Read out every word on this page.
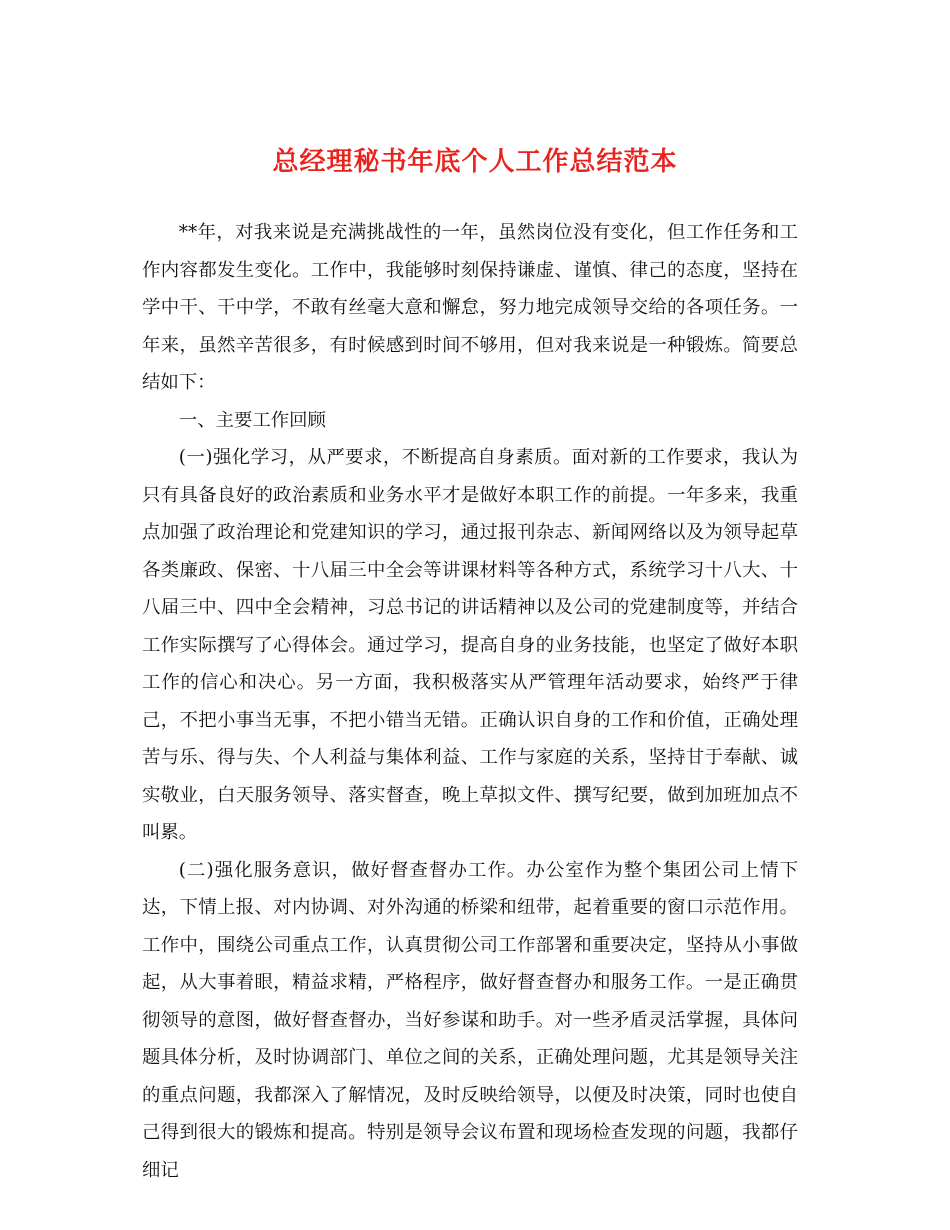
总经理秘书年底个人工作总结范本

**年，对我来说是充满挑战性的一年，虽然岗位没有变化，但工作任务和工作内容都发生变化。工作中，我能够时刻保持谦虚、谨慎、律己的态度，坚持在学中干、干中学，不敢有丝毫大意和懈怠，努力地完成领导交给的各项任务。一年来，虽然辛苦很多，有时候感到时间不够用，但对我来说是一种锻炼。简要总结如下：

一、主要工作回顾

(一)强化学习，从严要求，不断提高自身素质。面对新的工作要求，我认为只有具备良好的政治素质和业务水平才是做好本职工作的前提。一年多来，我重点加强了政治理论和党建知识的学习，通过报刊杂志、新闻网络以及为领导起草各类廉政、保密、十八届三中全会等讲课材料等各种方式，系统学习十八大、十八届三中、四中全会精神，习总书记的讲话精神以及公司的党建制度等，并结合工作实际撰写了心得体会。通过学习，提高自身的业务技能，也坚定了做好本职工作的信心和决心。另一方面，我积极落实从严管理年活动要求，始终严于律己，不把小事当无事，不把小错当无错。正确认识自身的工作和价值，正确处理苦与乐、得与失、个人利益与集体利益、工作与家庭的关系，坚持甘于奉献、诚实敬业，白天服务领导、落实督查，晚上草拟文件、撰写纪要，做到加班加点不叫累。

(二)强化服务意识，做好督查督办工作。办公室作为整个集团公司上情下达，下情上报、对内协调、对外沟通的桥梁和纽带，起着重要的窗口示范作用。工作中，围绕公司重点工作，认真贯彻公司工作部署和重要决定，坚持从小事做起，从大事着眼，精益求精，严格程序，做好督查督办和服务工作。一是正确贯彻领导的意图，做好督查督办，当好参谋和助手。对一些矛盾灵活掌握，具体问题具体分析，及时协调部门、单位之间的关系，正确处理问题，尤其是领导关注的重点问题，我都深入了解情况，及时反映给领导，以便及时决策，同时也使自己得到很大的锻炼和提高。特别是领导会议布置和现场检查发现的问题，我都仔细记
